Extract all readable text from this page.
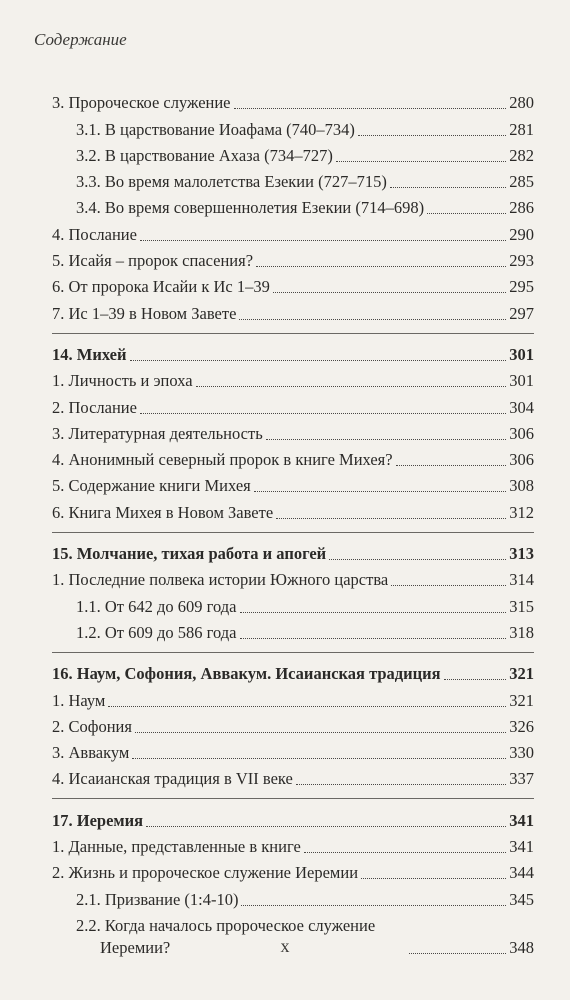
Содержание
3. Пророческое служение	280
3.1. В царствование Иоафама (740–734)	281
3.2. В царствование Ахаза (734–727)	282
3.3. Во время малолетства Езекии (727–715)	285
3.4. Во время совершеннолетия Езекии (714–698)	286
4. Послание	290
5. Исайя – пророк спасения?	293
6. От пророка Исайи к Ис 1–39	295
7. Ис 1–39 в Новом Завете	297
14. Михей	301
1. Личность и эпоха	301
2. Послание	304
3. Литературная деятельность	306
4. Анонимный северный пророк в книге Михея?	306
5. Содержание книги Михея	308
6. Книга Михея в Новом Завете	312
15. Молчание, тихая работа и апогей	313
1. Последние полвека истории Южного царства	314
1.1. От 642 до 609 года	315
1.2. От 609 до 586 года	318
16. Наум, Софония, Аввакум. Исаианская традиция	321
1. Наум	321
2. Софония	326
3. Аввакум	330
4. Исаианская традиция в VII веке	337
17. Иеремия	341
1. Данные, представленные в книге	341
2. Жизнь и пророческое служение Иеремии	344
2.1. Призвание (1:4-10)	345
2.2. Когда началось пророческое служение
Иеремии?	348
x
